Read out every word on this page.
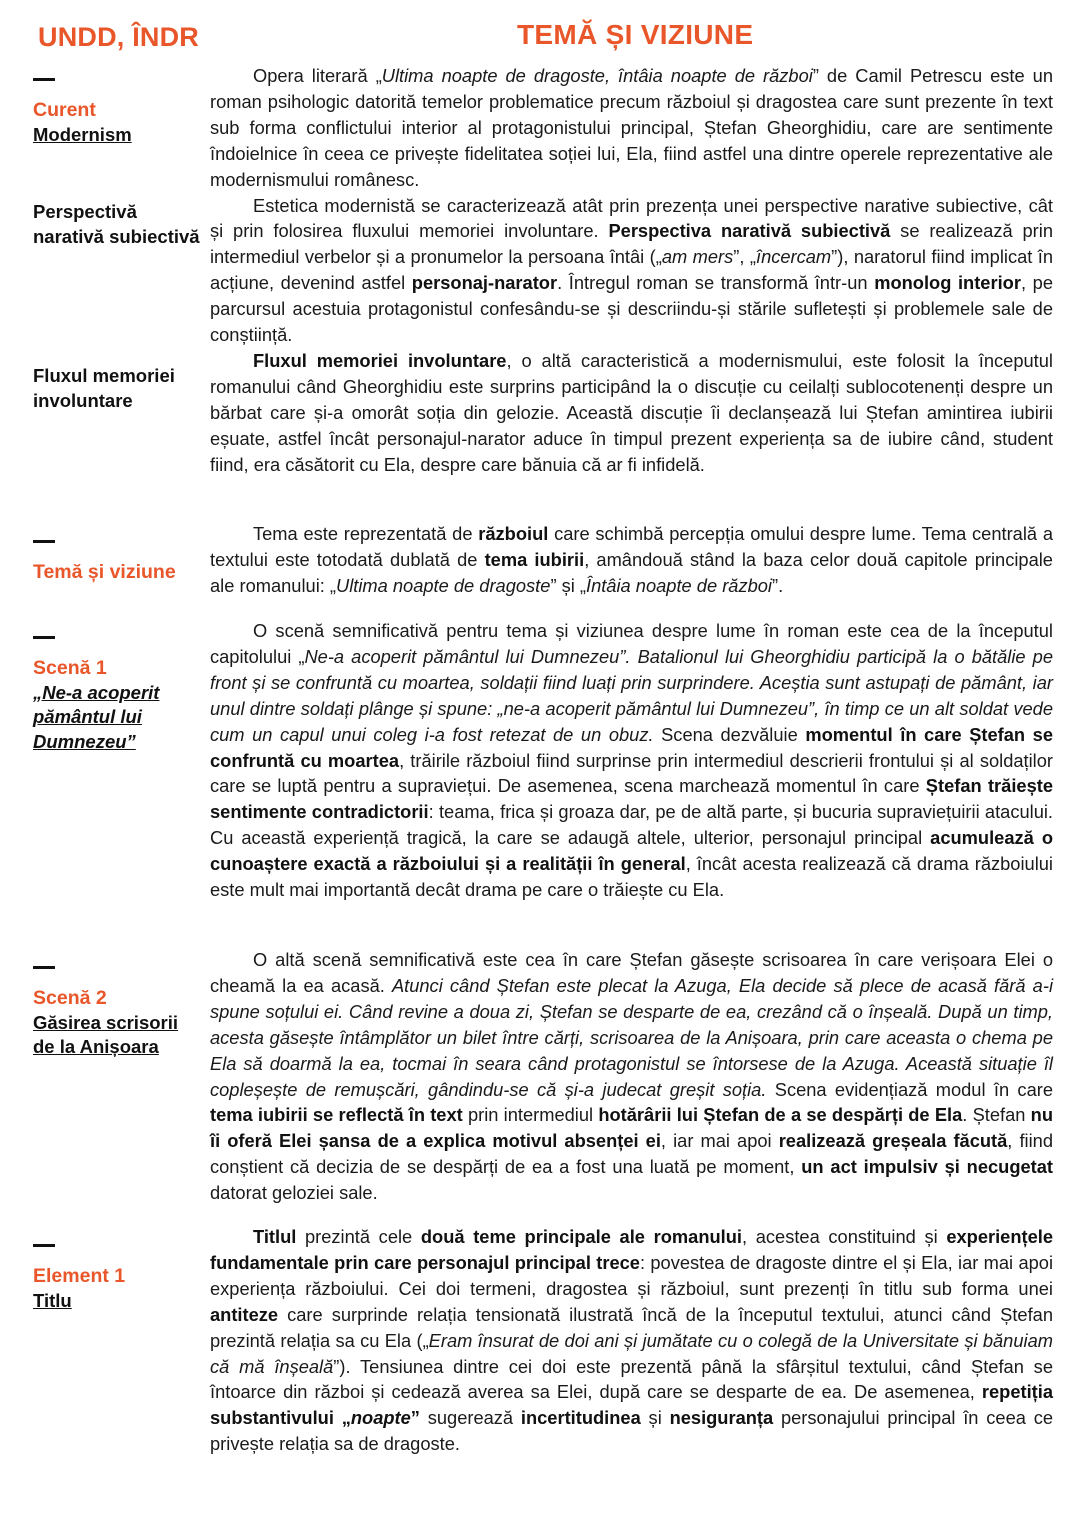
UNDD, ÎNDR	TEMĂ ȘI VIZIUNE
Curent
Modernism
Perspectivă
narativă subiectivă
Fluxul memoriei
involuntare

Opera literară „Ultima noapte de dragoste, întâia noapte de război” de Camil Petrescu este un roman psihologic datorită temelor problematice precum războiul și dragostea care sunt prezente în text sub forma conflictului interior al protagonistului principal, Ștefan Gheorghidiu, care are sentimente îndoielnice în ceea ce privește fidelitatea soției lui, Ela, fiind astfel una dintre operele reprezentative ale modernismului românesc.

Estetica modernistă se caracterizează atât prin prezența unei perspective narative subiective, cât și prin folosirea fluxului memoriei involuntare. Perspectiva narativă subiectivă se realizează prin intermediul verbelor și a pronumelor la persoana întâi („am mers”, „încercam”), naratorul fiind implicat în acțiune, devenind astfel personaj-narator. Întregul roman se transformă într-un monolog interior, pe parcursul acestuia protagonistul confesându-se și descriindu-și stările sufletești și problemele sale de conștiință.

Fluxul memoriei involuntare, o altă caracteristică a modernismului, este folosit la începutul romanului când Gheorghidiu este surprins participând la o discuție cu ceilalți sublocotenenți despre un bărbat care și-a omorât soția din gelozie. Această discuție îi declanșează lui Ștefan amintirea iubirii eșuate, astfel încât personajul-narator aduce în timpul prezent experiența sa de iubire când, student fiind, era căsătorit cu Ela, despre care bănuia că ar fi infidelă.

Temă și viziune

Tema este reprezentată de războiul care schimbă percepția omului despre lume. Tema centrală a textului este totodată dublată de tema iubirii, amândouă stând la baza celor două capitole principale ale romanului: „Ultima noapte de dragoste” și „Întâia noapte de război”.

Scenă 1
„Ne-a acoperit
pământul lui
Dumnezeu”

O scenă semnificativă pentru tema și viziunea despre lume în roman este cea de la începutul capitolului „Ne-a acoperit pământul lui Dumnezeu”. Batalionul lui Gheorghidiu participă la o bătălie pe front și se confruntă cu moartea, soldații fiind luați prin surprindere. Aceștia sunt astupați de pământ, iar unul dintre soldați plânge și spune: „ne-a acoperit pământul lui Dumnezeu”, în timp ce un alt soldat vede cum un capul unui coleg i-a fost retezat de un obuz. Scena dezvăluie momentul în care Ștefan se confruntă cu moartea, trăirile războiul fiind surprinse prin intermediul descrierii frontului și al soldaților care se luptă pentru a supraviețui. De asemenea, scena marchează momentul în care Ștefan trăiește sentimente contradictorii: teama, frica și groaza dar, pe de altă parte, și bucuria supraviețuirii atacului. Cu această experiență tragică, la care se adaugă altele, ulterior, personajul principal acumulează o cunoaștere exactă a războiului și a realității în general, încât acesta realizează că drama războiului este mult mai importantă decât drama pe care o trăiește cu Ela.

Scenă 2
Găsirea scrisorii
de la Anișoara

O altă scenă semnificativă este cea în care Ștefan găsește scrisoarea în care verișoara Elei o cheamă la ea acasă. Atunci când Ștefan este plecat la Azuga, Ela decide să plece de acasă fără a-i spune soțului ei. Când revine a doua zi, Ștefan se desparte de ea, crezând că o înșeală. După un timp, acesta găsește întâmplător un bilet între cărți, scrisoarea de la Anișoara, prin care aceasta o chema pe Ela să doarmă la ea, tocmai în seara când protagonistul se întorsese de la Azuga. Această situație îl copleșește de remușcări, gândindu-se că și-a judecat greșit soția. Scena evidențiază modul în care tema iubirii se reflectă în text prin intermediul hotărârii lui Ștefan de a se despărți de Ela. Ștefan nu îi oferă Elei șansa de a explica motivul absenței ei, iar mai apoi realizează greșeala făcută, fiind conștient că decizia de se despărți de ea a fost una luată pe moment, un act impulsiv și necugetat datorat geloziei sale.

Element 1
Titlu

Titlul prezintă cele două teme principale ale romanului, acestea constituind și experiențele fundamentale prin care personajul principal trece: povestea de dragoste dintre el și Ela, iar mai apoi experiența războiului. Cei doi termeni, dragostea și războiul, sunt prezenți în titlu sub forma unei antiteze care surprinde relația tensionată ilustrată încă de la începutul textului, atunci când Ștefan prezintă relația sa cu Ela („Eram însurat de doi ani și jumătate cu o colegă de la Universitate și bănuiam că mă înșeală”). Tensiunea dintre cei doi este prezentă până la sfârșitul textului, când Ștefan se întoarce din război și cedează averea sa Elei, după care se desparte de ea. De asemenea, repetiția substantivului „noapte” sugerează incertitudinea și nesiguranța personajului principal în ceea ce privește relația sa de dragoste.
